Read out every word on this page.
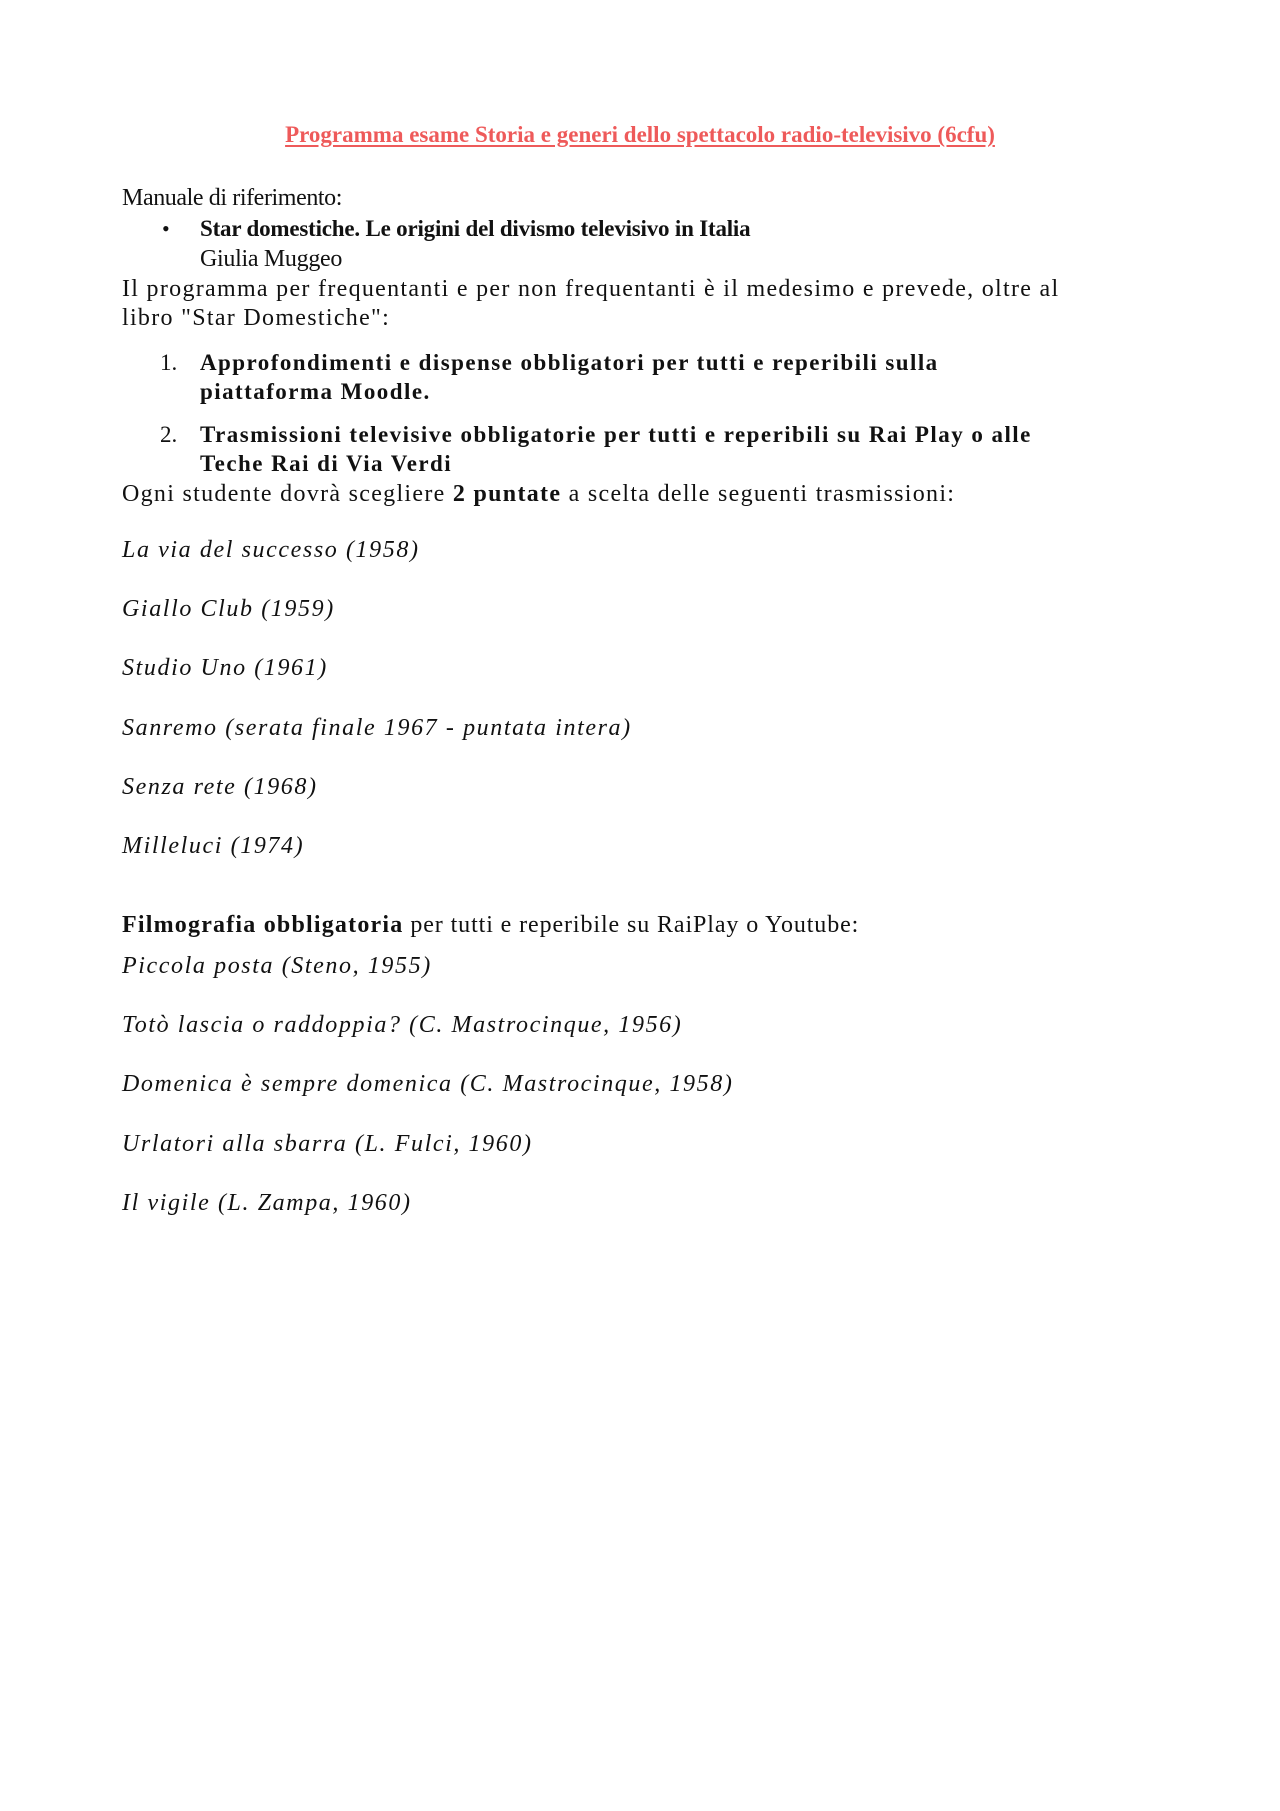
Programma esame Storia e generi dello spettacolo radio-televisivo (6cfu)

Manuale di riferimento:

• Star domestiche. Le origini del divismo televisivo in Italia

Giulia Muggeo

Il programma per frequentanti e per non frequentanti è il medesimo e prevede, oltre al
libro "Star Domestiche":
1. Approfondimenti e dispense obbligatori per tutti e reperibili sulla
piattaforma Moodle.
2. Trasmissioni televisive obbligatorie per tutti e reperibili su Rai Play o alle
Teche Rai di Via Verdi

Ogni studente dovrà scegliere 2 puntate a scelta delle seguenti trasmissioni:

La via del successo (1958)

Giallo Club (1959)

Studio Uno (1961)

Sanremo (serata finale 1967 - puntata intera)

Senza rete (1968)

Milleluci (1974)

Filmografia obbligatoria per tutti e reperibile su RaiPlay o Youtube:

Piccola posta (Steno, 1955)

Totò lascia o raddoppia? (C. Mastrocinque, 1956)

Domenica è sempre domenica (C. Mastrocinque, 1958)

Urlatori alla sbarra (L. Fulci, 1960)

Il vigile (L. Zampa, 1960)
